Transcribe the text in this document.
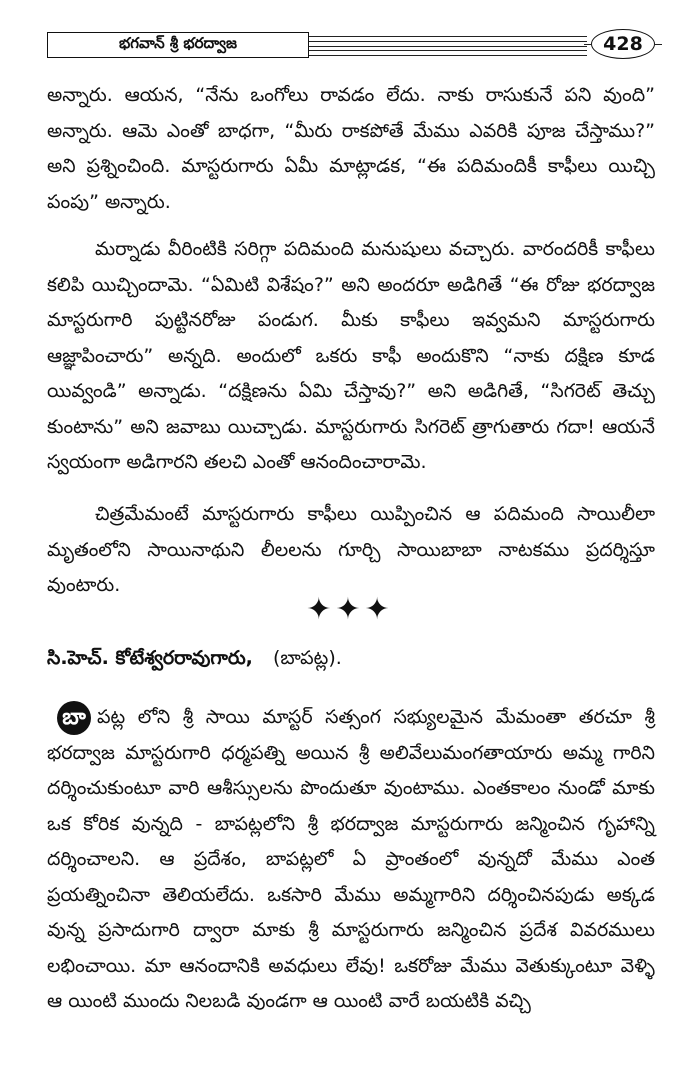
భగవాన్ శ్రీ భరద్వాజ	428

అన్నారు. ఆయన, “నేను ఒంగోలు రావడం లేదు. నాకు రాసుకునే పని వుంది” అన్నారు. ఆమె ఎంతో బాధగా, “మీరు రాకపోతే మేము ఎవరికి పూజ చేస్తాము?” అని ప్రశ్నించింది. మాస్టరుగారు ఏమీ మాట్లాడక, “ఈ పదిమందికీ కాఫీలు యిచ్చి పంపు” అన్నారు.

మర్నాడు వీరింటికి సరిగ్గా పదిమంది మనుషులు వచ్చారు. వారందరికీ కాఫీలు కలిపి యిచ్చిందామె. “ఏమిటి విశేషం?” అని అందరూ అడిగితే “ఈ రోజు భరద్వాజ మాస్టరుగారి పుట్టినరోజు పండుగ. మీకు కాఫీలు ఇవ్వమని మాస్టరుగారు ఆజ్ఞాపించారు” అన్నది. అందులో ఒకరు కాఫీ అందుకొని “నాకు దక్షిణ కూడ యివ్వండి” అన్నాడు. “దక్షిణను ఏమి చేస్తావు?” అని అడిగితే, “సిగరెట్ తెచ్చు కుంటాను” అని జవాబు యిచ్చాడు. మాస్టరుగారు సిగరెట్ త్రాగుతారు గదా! ఆయనే స్వయంగా అడిగారని తలచి ఎంతో ఆనందించారామె.

చిత్రమేమంటే మాస్టరుగారు కాఫీలు యిప్పించిన ఆ పదిమంది సాయిలీలా మృతంలోని సాయినాథుని లీలలను గూర్చి సాయిబాబా నాటకము ప్రదర్శిస్తూ వుంటారు.

✦✦✦
సి.హెచ్. కోటేశ్వరరావుగారు, (బాపట్ల).

బా పట్ల లోని శ్రీ సాయి మాస్టర్ సత్సంగ సభ్యులమైన మేమంతా తరచూ శ్రీ భరద్వాజ మాస్టరుగారి ధర్మపత్ని అయిన శ్రీ అలివేలుమంగతాయారు అమ్మ గారిని దర్శించుకుంటూ వారి ఆశీస్సులను పొందుతూ వుంటాము. ఎంతకాలం నుండో మాకు ఒక కోరిక వున్నది - బాపట్లలోని శ్రీ భరద్వాజ మాస్టరుగారు జన్మించిన గృహాన్ని దర్శించాలని. ఆ ప్రదేశం, బాపట్లలో ఏ ప్రాంతంలో వున్నదో మేము ఎంత ప్రయత్నించినా తెలియలేదు. ఒకసారి మేము అమ్మగారిని దర్శించినపుడు అక్కడ వున్న ప్రసాదుగారి ద్వారా మాకు శ్రీ మాస్టరుగారు జన్మించిన ప్రదేశ వివరములు లభించాయి. మా ఆనందానికి అవధులు లేవు! ఒకరోజు మేము వెతుక్కుంటూ వెళ్ళి ఆ యింటి ముందు నిలబడి వుండగా ఆ యింటి వారే బయటికి వచ్చి
